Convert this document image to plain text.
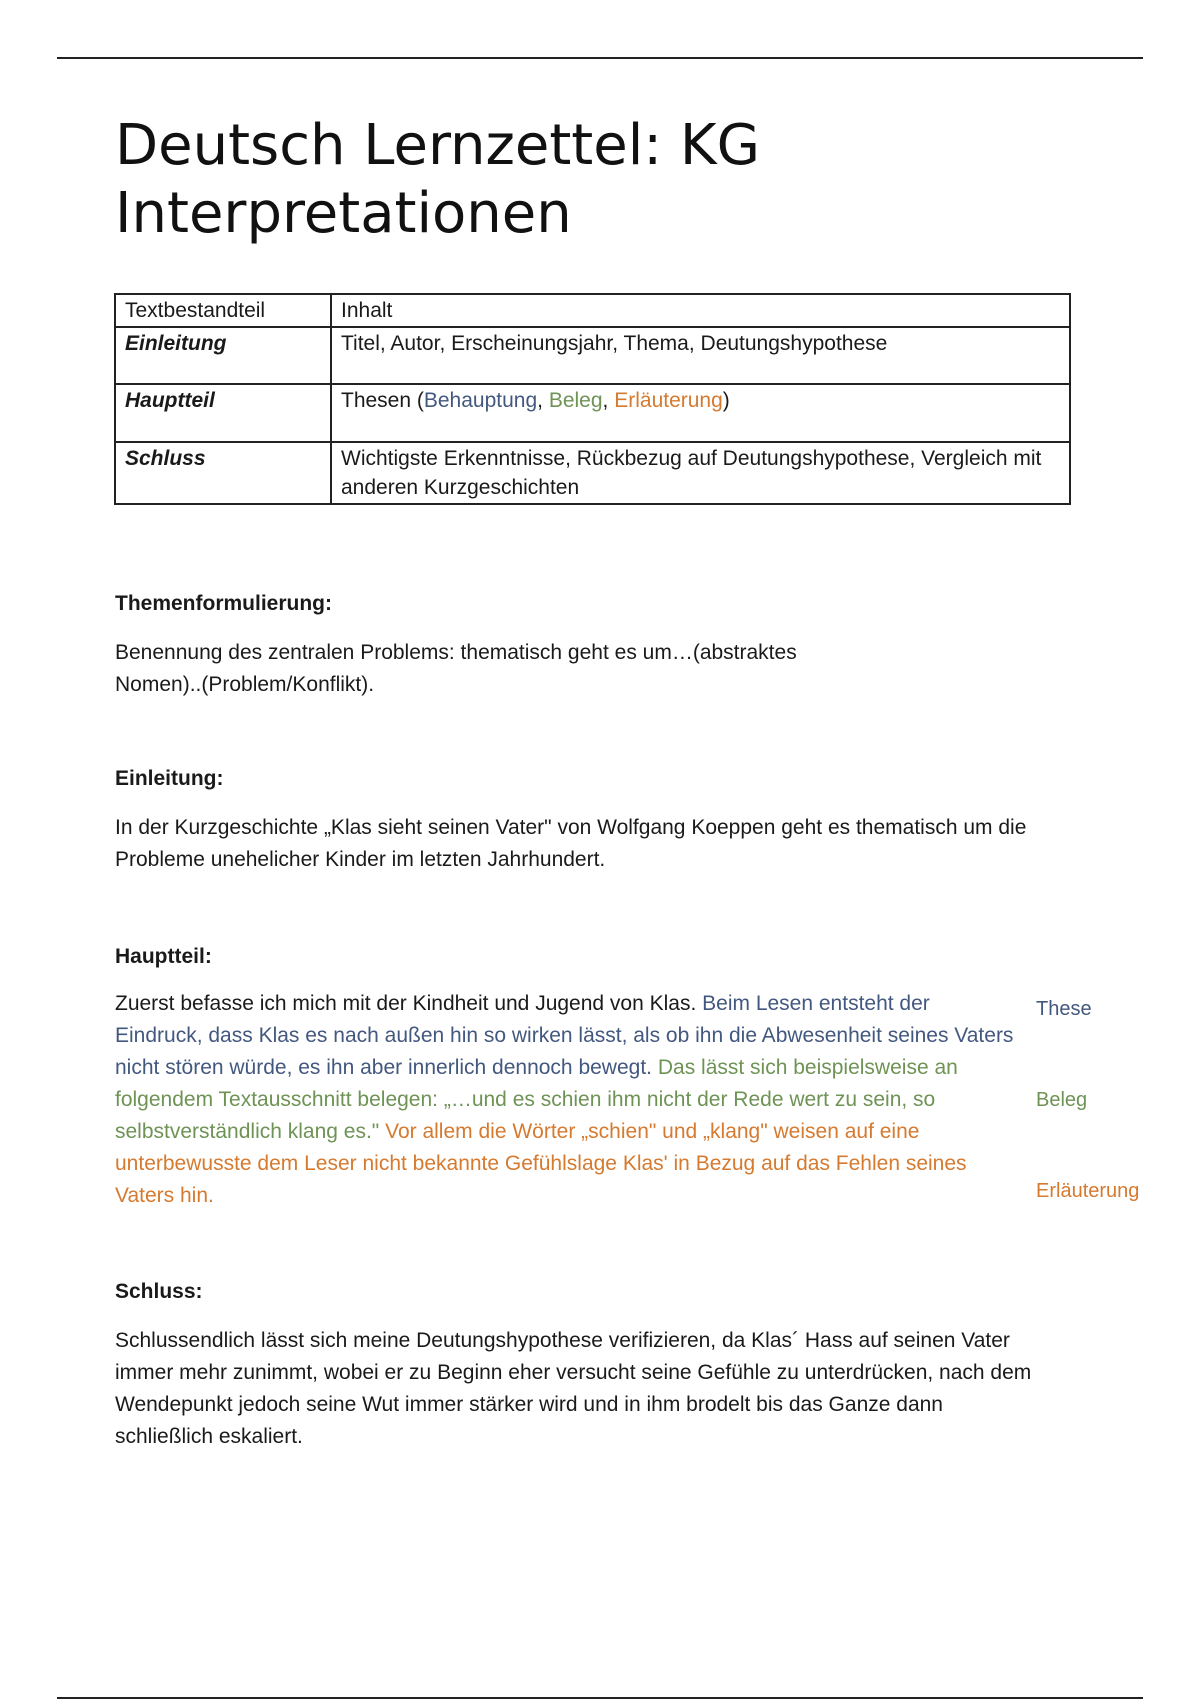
Deutsch Lernzettel: KG
Interpretationen
Textbestandteil	Inhalt
Einleitung	Titel, Autor, Erscheinungsjahr, Thema, Deutungshypothese
Hauptteil	Thesen (Behauptung, Beleg, Erläuterung)
Schluss	Wichtigste Erkenntnisse, Rückbezug auf Deutungshypothese, Vergleich mit anderen Kurzgeschichten
Themenformulierung:

Benennung des zentralen Problems: thematisch geht es um…(abstraktes Nomen)..(Problem/Konflikt).

Einleitung:

In der Kurzgeschichte „Klas sieht seinen Vater" von Wolfgang Koeppen geht es thematisch um die Probleme unehelicher Kinder im letzten Jahrhundert.

Hauptteil:

Zuerst befasse ich mich mit der Kindheit und Jugend von Klas. Beim Lesen entsteht der Eindruck, dass Klas es nach außen hin so wirken lässt, als ob ihn die Abwesenheit seines Vaters nicht stören würde, es ihn aber innerlich dennoch bewegt. Das lässt sich beispielsweise an folgendem Textausschnitt belegen: „…und es schien ihm nicht der Rede wert zu sein, so selbstverständlich klang es." Vor allem die Wörter „schien" und „klang" weisen auf eine unterbewusste dem Leser nicht bekannte Gefühlslage Klas' in Bezug auf das Fehlen seines Vaters hin.

These
Beleg
Erläuterung
Schluss:

Schlussendlich lässt sich meine Deutungshypothese verifizieren, da Klas´ Hass auf seinen Vater immer mehr zunimmt, wobei er zu Beginn eher versucht seine Gefühle zu unterdrücken, nach dem Wendepunkt jedoch seine Wut immer stärker wird und in ihm brodelt bis das Ganze dann schließlich eskaliert.
